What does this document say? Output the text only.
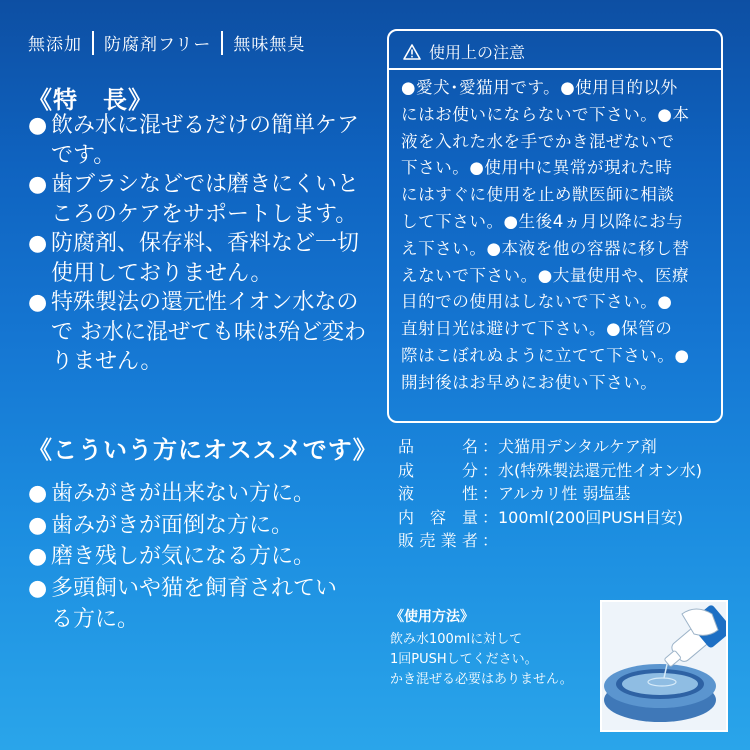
無添加 防腐剤フリー 無味無臭
《特　長》
● 飲み水に混ぜるだけの簡単ケアです。
● 歯ブラシなどでは磨きにくいところのケアをサポートします。
● 防腐剤、保存料、香料など一切使用しておりません。
● 特殊製法の還元性イオン水なので お水に混ぜても味は殆ど変わりません。
《こういう方にオススメです》
● 歯みがきが出来ない方に。
● 歯みがきが面倒な方に。
● 磨き残しが気になる方に。
● 多頭飼いや猫を飼育されている方に。
使用上の注意
●愛犬･愛猫用です。●使用目的以外
にはお使いにならないで下さい。●本
液を入れた水を手でかき混ぜないで
下さい。●使用中に異常が現れた時
にはすぐに使用を止め獣医師に相談
して下さい。●生後4ヵ月以降にお与
え下さい。●本液を他の容器に移し替
えないで下さい。●大量使用や、医療
目的での使用はしないで下さい。●
直射日光は避けて下さい。●保管の
際はこぼれぬように立てて下さい。●
開封後はお早めにお使い下さい。
品	名 ：犬猫用デンタルケア剤
成	分 ：水(特殊製法還元性イオン水)
液	性 ：アルカリ性 弱塩基
内 容 量 ：100ml(200回PUSH目安)
販 売 業 者 ：
《使用方法》
飲み水100mlに対して
1回PUSHしてください。
かき混ぜる必要はありません。
